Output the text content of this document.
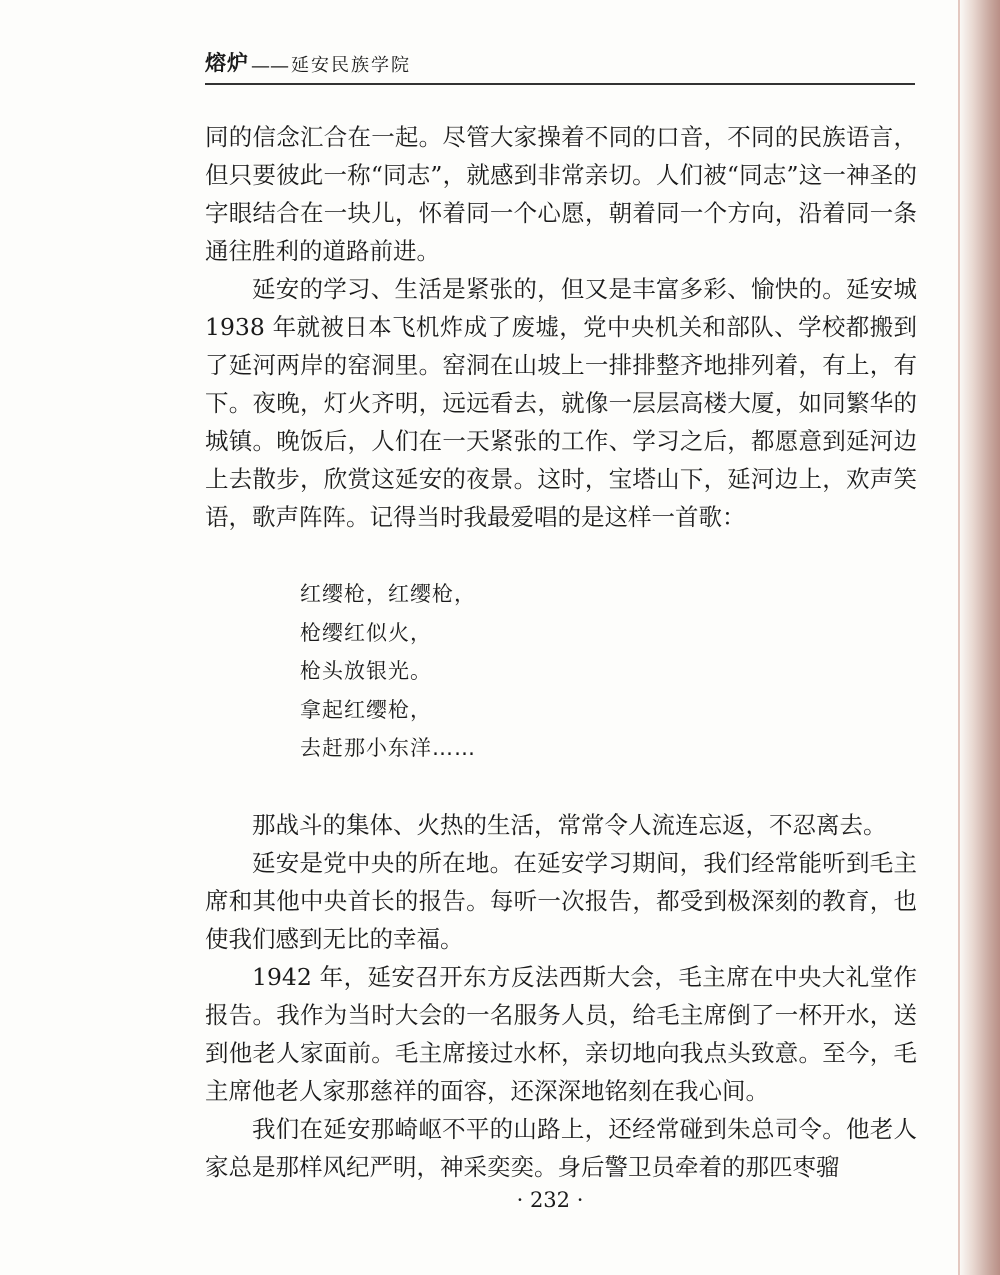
熔炉 —— 延安民族学院

同的信念汇合在一起。尽管大家操着不同的口音，不同的民族语言，但只要彼此一称“同志”，就感到非常亲切。人们被“同志”这一神圣的字眼结合在一块儿，怀着同一个心愿，朝着同一个方向，沿着同一条通往胜利的道路前进。

延安的学习、生活是紧张的，但又是丰富多彩、愉快的。延安城 1938 年就被日本飞机炸成了废墟，党中央机关和部队、学校都搬到了延河两岸的窑洞里。窑洞在山坡上一排排整齐地排列着，有上，有下。夜晚，灯火齐明，远远看去，就像一层层高楼大厦，如同繁华的城镇。晚饭后，人们在一天紧张的工作、学习之后，都愿意到延河边上去散步，欣赏这延安的夜景。这时，宝塔山下，延河边上，欢声笑语，歌声阵阵。记得当时我最爱唱的是这样一首歌：

红缨枪，红缨枪，
枪缨红似火，
枪头放银光。
拿起红缨枪，
去赶那小东洋……

那战斗的集体、火热的生活，常常令人流连忘返，不忍离去。

延安是党中央的所在地。在延安学习期间，我们经常能听到毛主席和其他中央首长的报告。每听一次报告，都受到极深刻的教育，也使我们感到无比的幸福。

1942 年，延安召开东方反法西斯大会，毛主席在中央大礼堂作报告。我作为当时大会的一名服务人员，给毛主席倒了一杯开水，送到他老人家面前。毛主席接过水杯，亲切地向我点头致意。至今，毛主席他老人家那慈祥的面容，还深深地铭刻在我心间。

我们在延安那崎岖不平的山路上，还经常碰到朱总司令。他老人家总是那样风纪严明，神采奕奕。身后警卫员牵着的那匹枣骝

· 232 ·
